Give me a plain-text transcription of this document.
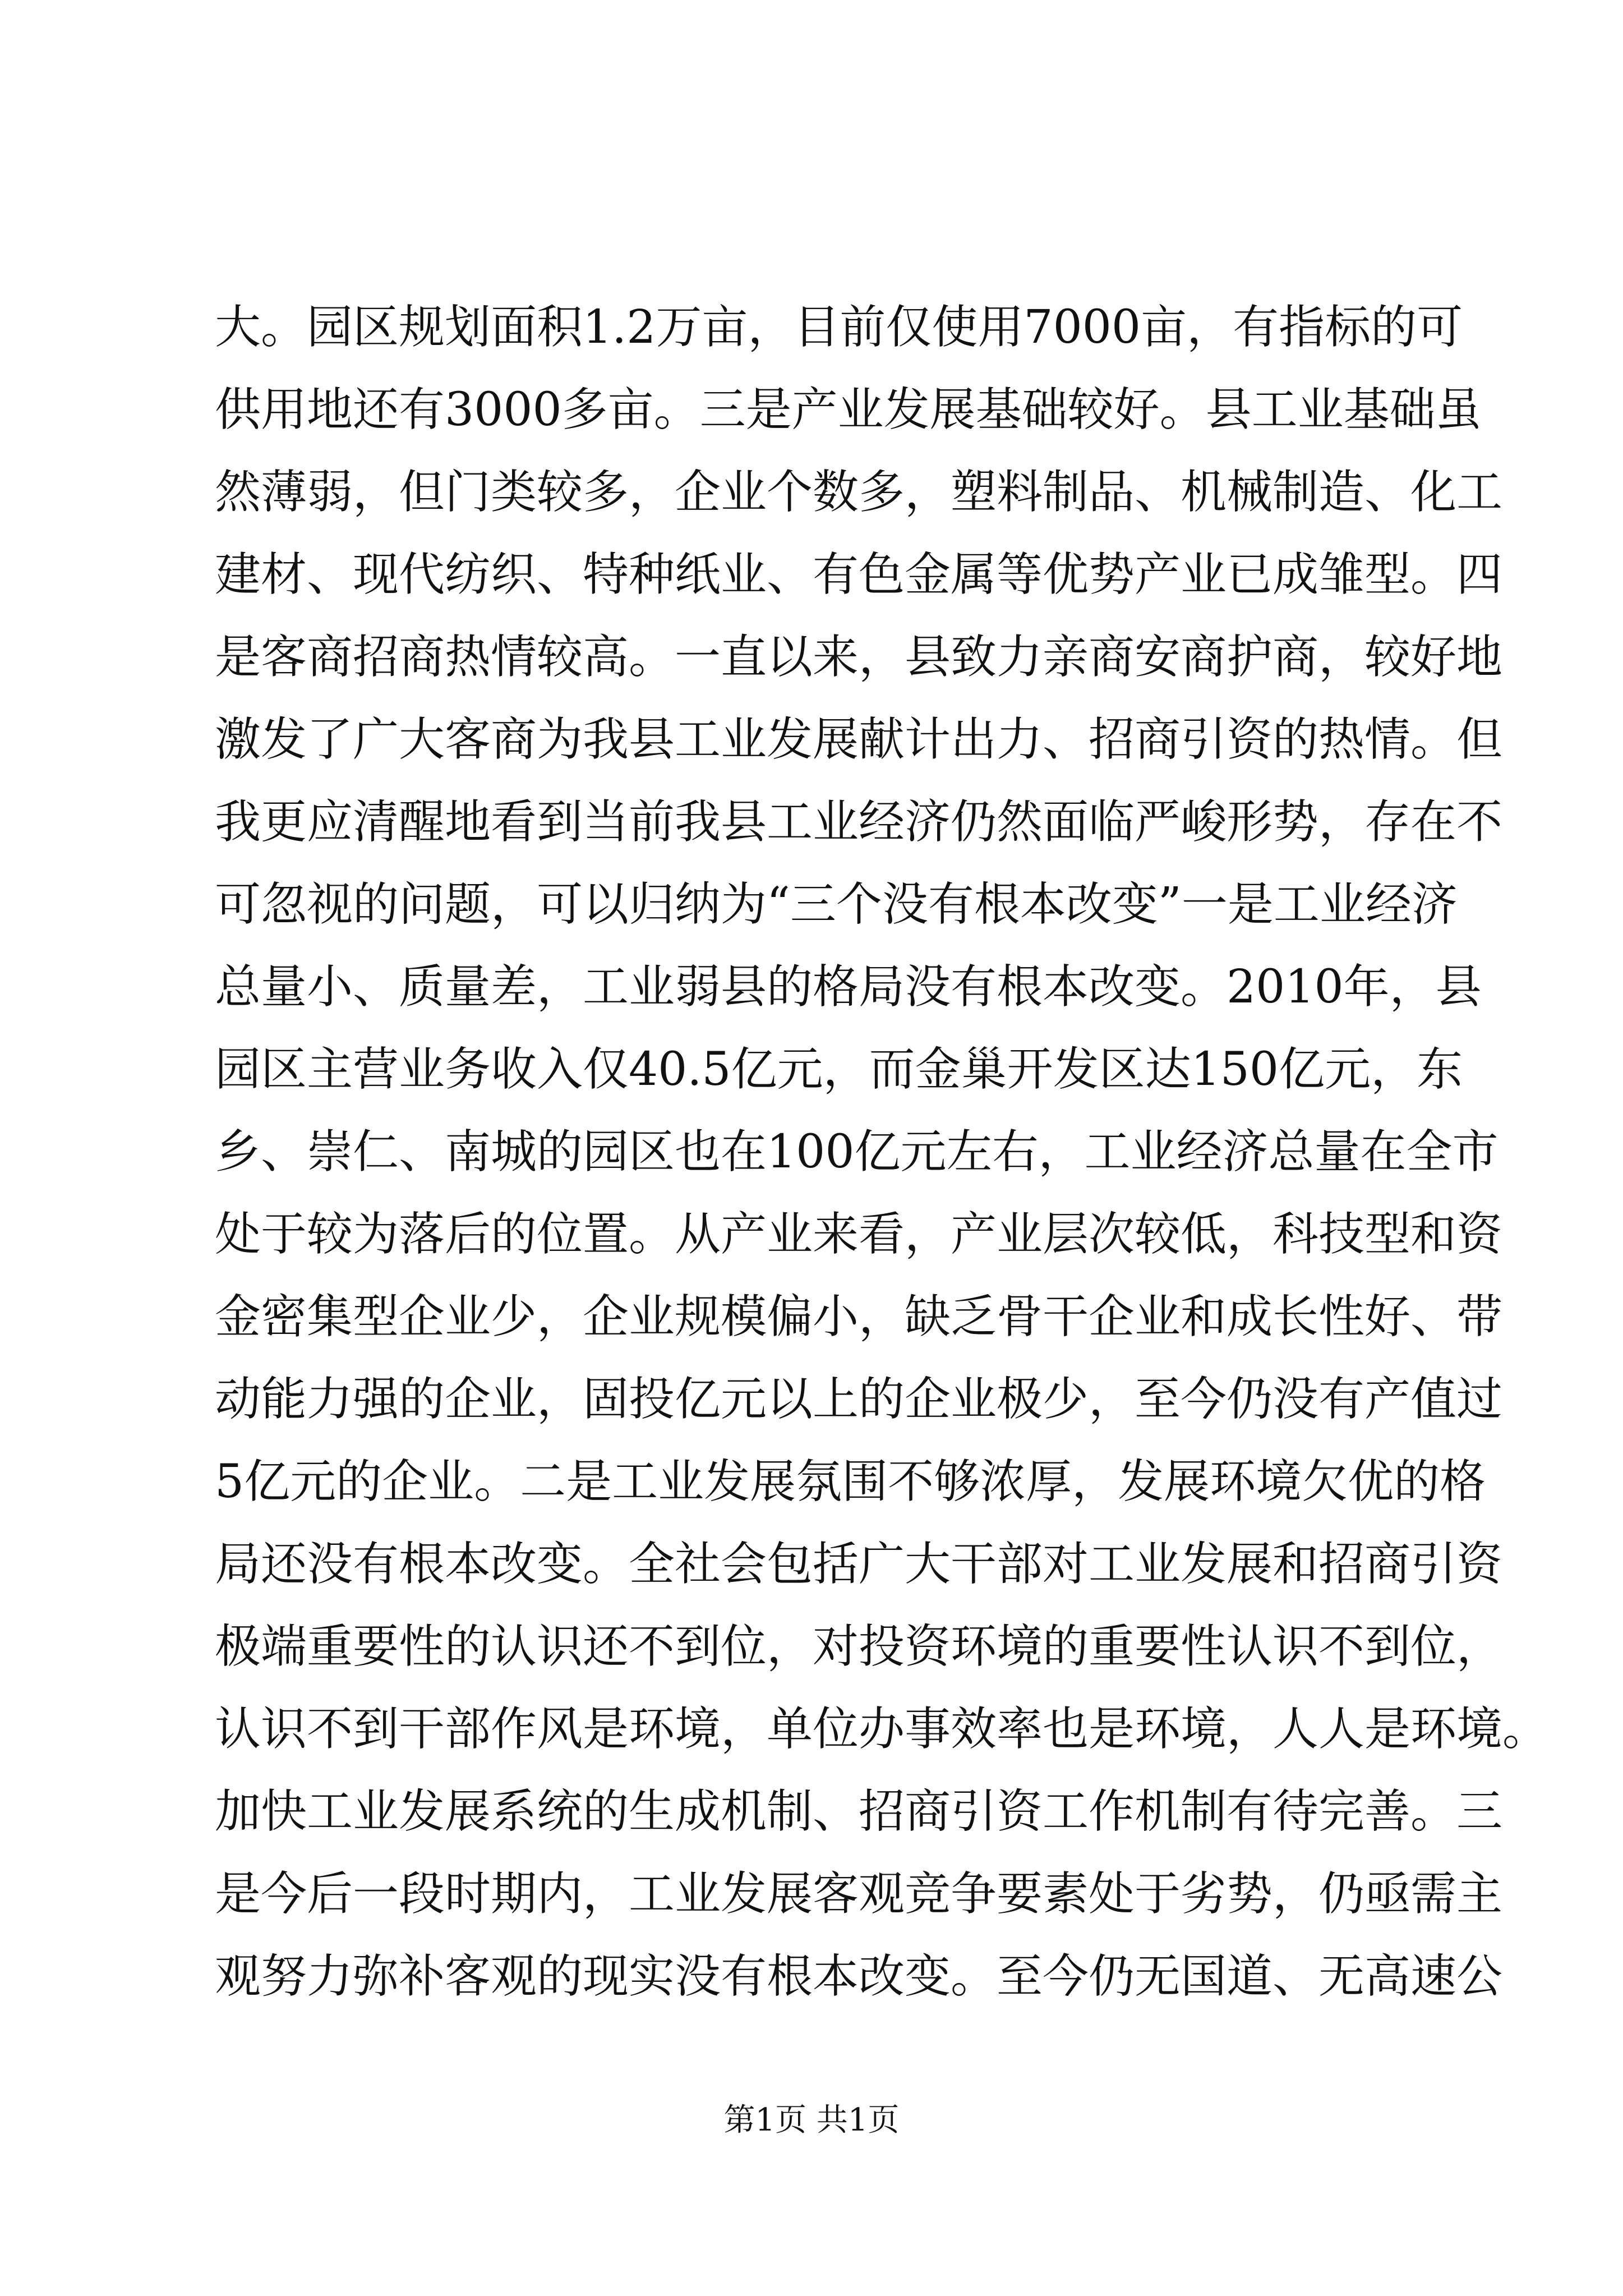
大。园区规划面积1.2万亩，目前仅使用7000亩，有指标的可
供用地还有3000多亩。三是产业发展基础较好。县工业基础虽
然薄弱，但门类较多，企业个数多，塑料制品、机械制造、化工
建材、现代纺织、特种纸业、有色金属等优势产业已成雏型。四
是客商招商热情较高。一直以来，县致力亲商安商护商，较好地
激发了广大客商为我县工业发展献计出力、招商引资的热情。但
我更应清醒地看到当前我县工业经济仍然面临严峻形势，存在不
可忽视的问题，可以归纳为“三个没有根本改变”一是工业经济
总量小、质量差，工业弱县的格局没有根本改变。2010年，县
园区主营业务收入仅40.5亿元，而金巢开发区达150亿元，东
乡、崇仁、南城的园区也在100亿元左右，工业经济总量在全市
处于较为落后的位置。从产业来看，产业层次较低，科技型和资
金密集型企业少，企业规模偏小，缺乏骨干企业和成长性好、带
动能力强的企业，固投亿元以上的企业极少，至今仍没有产值过
5亿元的企业。二是工业发展氛围不够浓厚，发展环境欠优的格
局还没有根本改变。全社会包括广大干部对工业发展和招商引资
极端重要性的认识还不到位，对投资环境的重要性认识不到位，
认识不到干部作风是环境，单位办事效率也是环境，人人是环境。
加快工业发展系统的生成机制、招商引资工作机制有待完善。三
是今后一段时期内，工业发展客观竞争要素处于劣势，仍亟需主
观努力弥补客观的现实没有根本改变。至今仍无国道、无高速公
第1页 共1页
